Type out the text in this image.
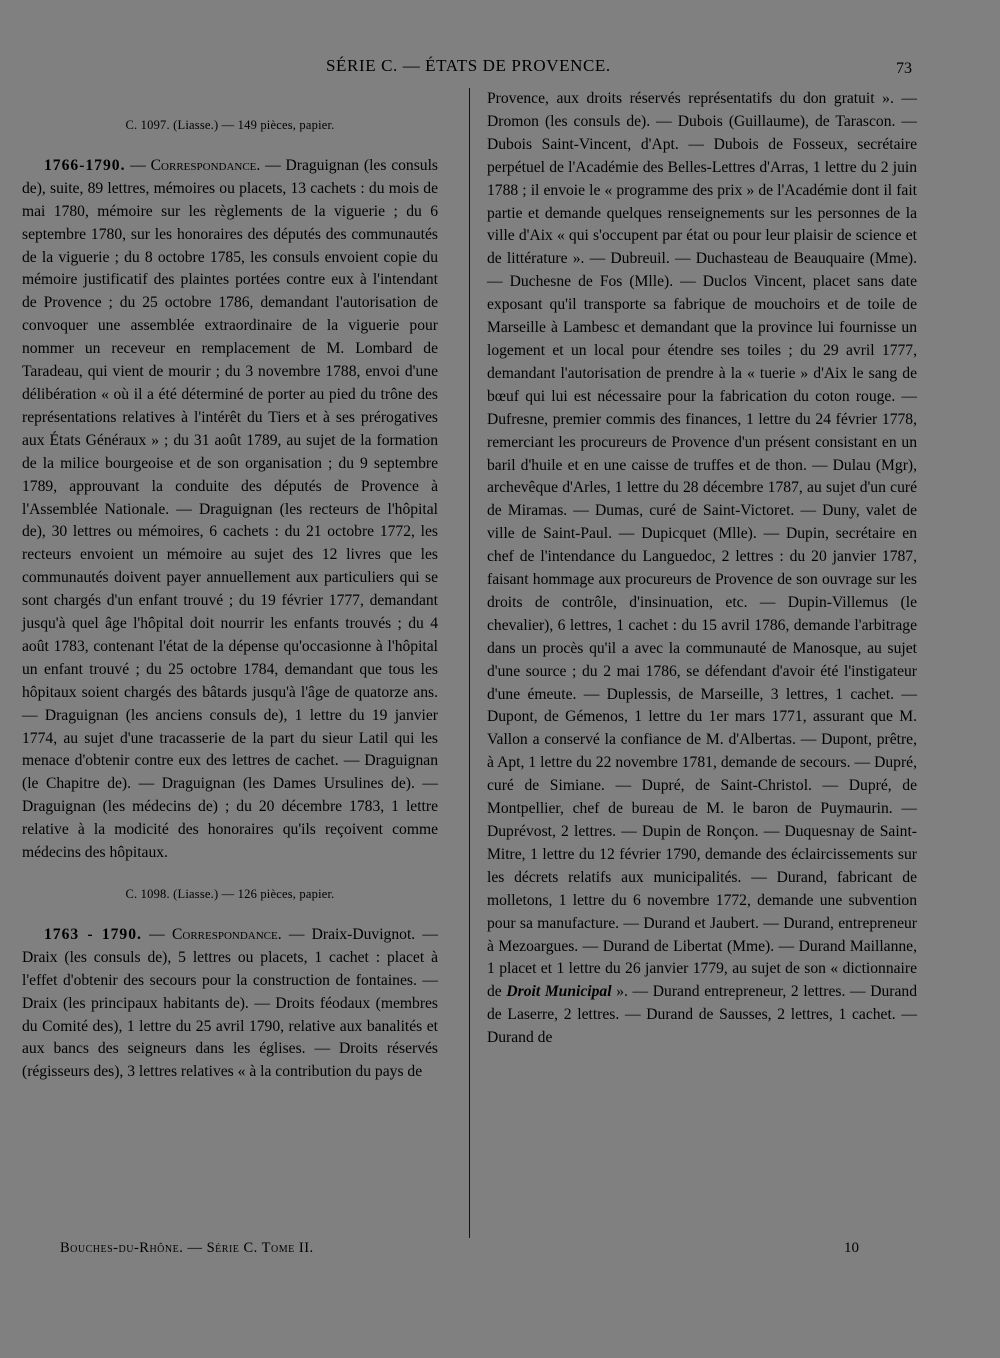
SÉRIE C. — ÉTATS DE PROVENCE.	73
C. 1097. (Liasse.) — 149 pièces, papier.

1766-1790. — Correspondance. — Draguignan (les consuls de), suite, 89 lettres, mémoires ou placets, 13 cachets : du mois de mai 1780, mémoire sur les règlements de la viguerie ; du 6 septembre 1780, sur les honoraires des députés des communautés de la viguerie ; du 8 octobre 1785, les consuls envoient copie du mémoire justificatif des plaintes portées contre eux à l'intendant de Provence ; du 25 octobre 1786, demandant l'autorisation de convoquer une assemblée extraordinaire de la viguerie pour nommer un receveur en remplacement de M. Lombard de Taradeau, qui vient de mourir ; du 3 novembre 1788, envoi d'une délibération « où il a été déterminé de porter au pied du trône des représentations relatives à l'intérêt du Tiers et à ses prérogatives aux États Généraux » ; du 31 août 1789, au sujet de la formation de la milice bourgeoise et de son organisation ; du 9 septembre 1789, approuvant la conduite des députés de Provence à l'Assemblée Nationale. — Draguignan (les recteurs de l'hôpital de), 30 lettres ou mémoires, 6 cachets : du 21 octobre 1772, les recteurs envoient un mémoire au sujet des 12 livres que les communautés doivent payer annuellement aux particuliers qui se sont chargés d'un enfant trouvé ; du 19 février 1777, demandant jusqu'à quel âge l'hôpital doit nourrir les enfants trouvés ; du 4 août 1783, contenant l'état de la dépense qu'occasionne à l'hôpital un enfant trouvé ; du 25 octobre 1784, demandant que tous les hôpitaux soient chargés des bâtards jusqu'à l'âge de quatorze ans. — Draguignan (les anciens consuls de), 1 lettre du 19 janvier 1774, au sujet d'une tracasserie de la part du sieur Latil qui les menace d'obtenir contre eux des lettres de cachet. — Draguignan (le Chapitre de). — Draguignan (les Dames Ursulines de). — Draguignan (les médecins de) ; du 20 décembre 1783, 1 lettre relative à la modicité des honoraires qu'ils reçoivent comme médecins des hôpitaux.

C. 1098. (Liasse.) — 126 pièces, papier.

1763 - 1790. — Correspondance. — Draix-Duvignot. — Draix (les consuls de), 5 lettres ou placets, 1 cachet : placet à l'effet d'obtenir des secours pour la construction de fontaines. — Draix (les principaux habitants de). — Droits féodaux (membres du Comité des), 1 lettre du 25 avril 1790, relative aux banalités et aux bancs des seigneurs dans les églises. — Droits réservés (régisseurs des), 3 lettres relatives « à la contribution du pays de

Provence, aux droits réservés représentatifs du don gratuit ». — Dromon (les consuls de). — Dubois (Guillaume), de Tarascon. — Dubois Saint-Vincent, d'Apt. — Dubois de Fosseux, secrétaire perpétuel de l'Académie des Belles-Lettres d'Arras, 1 lettre du 2 juin 1788 ; il envoie le « programme des prix » de l'Académie dont il fait partie et demande quelques renseignements sur les personnes de la ville d'Aix « qui s'occupent par état ou pour leur plaisir de science et de littérature ». — Dubreuil. — Duchasteau de Beauquaire (Mme). — Duchesne de Fos (Mlle). — Duclos Vincent, placet sans date exposant qu'il transporte sa fabrique de mouchoirs et de toile de Marseille à Lambesc et demandant que la province lui fournisse un logement et un local pour étendre ses toiles ; du 29 avril 1777, demandant l'autorisation de prendre à la « tuerie » d'Aix le sang de bœuf qui lui est nécessaire pour la fabrication du coton rouge. — Dufresne, premier commis des finances, 1 lettre du 24 février 1778, remerciant les procureurs de Provence d'un présent consistant en un baril d'huile et en une caisse de truffes et de thon. — Dulau (Mgr), archevêque d'Arles, 1 lettre du 28 décembre 1787, au sujet d'un curé de Miramas. — Dumas, curé de Saint-Victoret. — Duny, valet de ville de Saint-Paul. — Dupicquet (Mlle). — Dupin, secrétaire en chef de l'intendance du Languedoc, 2 lettres : du 20 janvier 1787, faisant hommage aux procureurs de Provence de son ouvrage sur les droits de contrôle, d'insinuation, etc. — Dupin-Villemus (le chevalier), 6 lettres, 1 cachet : du 15 avril 1786, demande l'arbitrage dans un procès qu'il a avec la communauté de Manosque, au sujet d'une source ; du 2 mai 1786, se défendant d'avoir été l'instigateur d'une émeute. — Duplessis, de Marseille, 3 lettres, 1 cachet. — Dupont, de Gémenos, 1 lettre du 1er mars 1771, assurant que M. Vallon a conservé la confiance de M. d'Albertas. — Dupont, prêtre, à Apt, 1 lettre du 22 novembre 1781, demande de secours. — Dupré, curé de Simiane. — Dupré, de Saint-Christol. — Dupré, de Montpellier, chef de bureau de M. le baron de Puymaurin. — Duprévost, 2 lettres. — Dupin de Ronçon. — Duquesnay de Saint-Mitre, 1 lettre du 12 février 1790, demande des éclaircissements sur les décrets relatifs aux municipalités. — Durand, fabricant de molletons, 1 lettre du 6 novembre 1772, demande une subvention pour sa manufacture. — Durand et Jaubert. — Durand, entrepreneur à Mezoargues. — Durand de Libertat (Mme). — Durand Maillanne, 1 placet et 1 lettre du 26 janvier 1779, au sujet de son « dictionnaire de Droit Municipal ». — Durand entrepreneur, 2 lettres. — Durand de Laserre, 2 lettres. — Durand de Sausses, 2 lettres, 1 cachet. — Durand de

Bouches-du-Rhône. — Série C. Tome II.	10
